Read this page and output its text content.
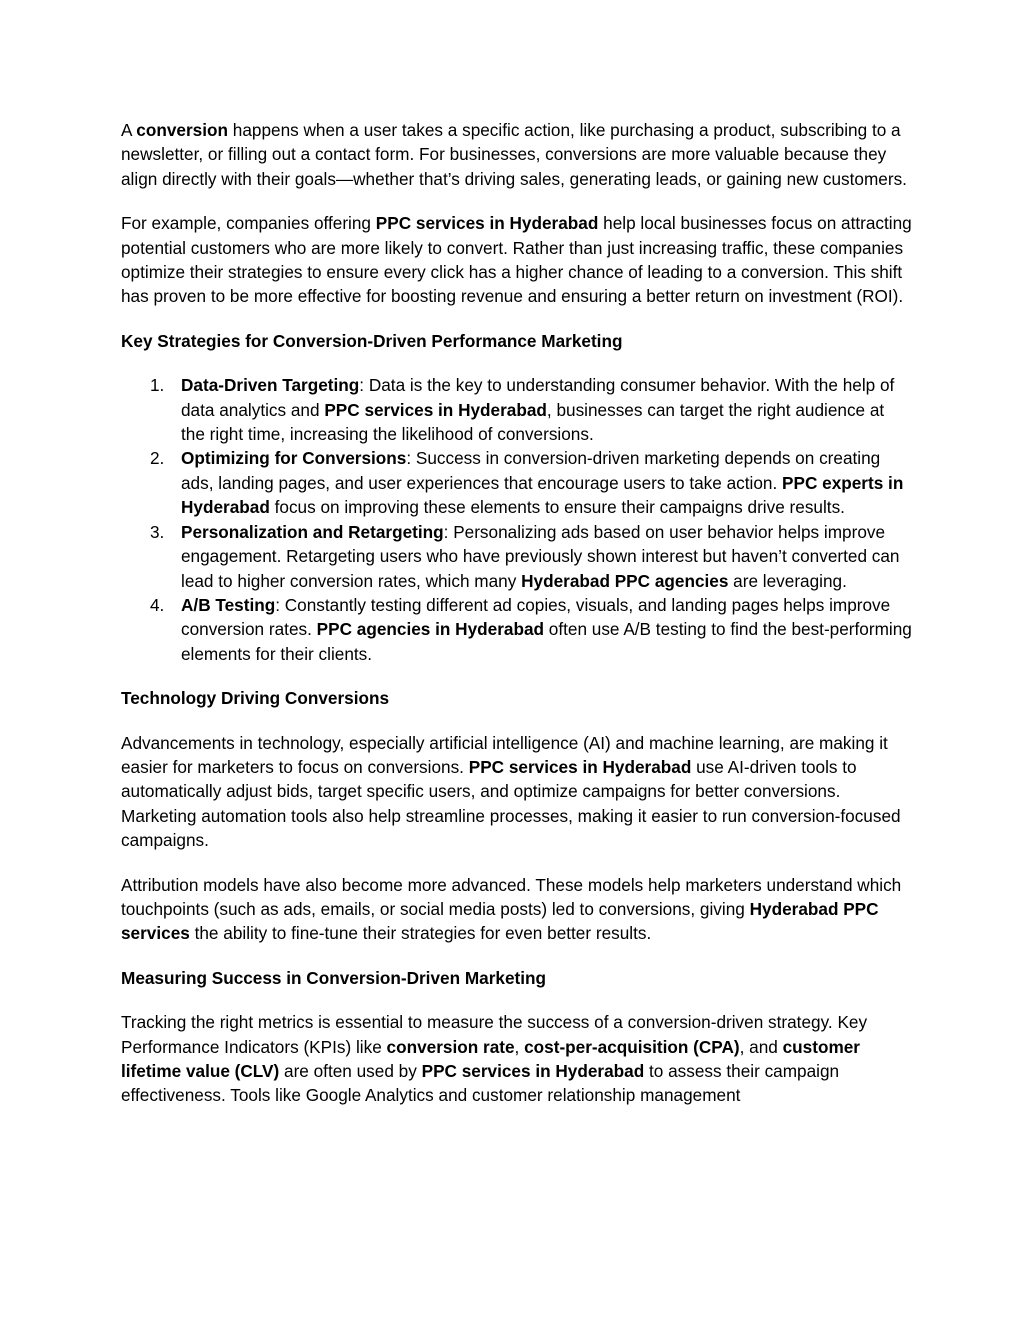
A conversion happens when a user takes a specific action, like purchasing a product, subscribing to a newsletter, or filling out a contact form. For businesses, conversions are more valuable because they align directly with their goals—whether that’s driving sales, generating leads, or gaining new customers.

For example, companies offering PPC services in Hyderabad help local businesses focus on attracting potential customers who are more likely to convert. Rather than just increasing traffic, these companies optimize their strategies to ensure every click has a higher chance of leading to a conversion. This shift has proven to be more effective for boosting revenue and ensuring a better return on investment (ROI).

Key Strategies for Conversion-Driven Performance Marketing
1. Data-Driven Targeting: Data is the key to understanding consumer behavior. With the help of data analytics and PPC services in Hyderabad, businesses can target the right audience at the right time, increasing the likelihood of conversions.
2. Optimizing for Conversions: Success in conversion-driven marketing depends on creating ads, landing pages, and user experiences that encourage users to take action. PPC experts in Hyderabad focus on improving these elements to ensure their campaigns drive results.
3. Personalization and Retargeting: Personalizing ads based on user behavior helps improve engagement. Retargeting users who have previously shown interest but haven’t converted can lead to higher conversion rates, which many Hyderabad PPC agencies are leveraging.
4. A/B Testing: Constantly testing different ad copies, visuals, and landing pages helps improve conversion rates. PPC agencies in Hyderabad often use A/B testing to find the best-performing elements for their clients.
Technology Driving Conversions

Advancements in technology, especially artificial intelligence (AI) and machine learning, are making it easier for marketers to focus on conversions. PPC services in Hyderabad use AI-driven tools to automatically adjust bids, target specific users, and optimize campaigns for better conversions. Marketing automation tools also help streamline processes, making it easier to run conversion-focused campaigns.

Attribution models have also become more advanced. These models help marketers understand which touchpoints (such as ads, emails, or social media posts) led to conversions, giving Hyderabad PPC services the ability to fine-tune their strategies for even better results.

Measuring Success in Conversion-Driven Marketing

Tracking the right metrics is essential to measure the success of a conversion-driven strategy. Key Performance Indicators (KPIs) like conversion rate, cost-per-acquisition (CPA), and customer lifetime value (CLV) are often used by PPC services in Hyderabad to assess their campaign effectiveness. Tools like Google Analytics and customer relationship management
